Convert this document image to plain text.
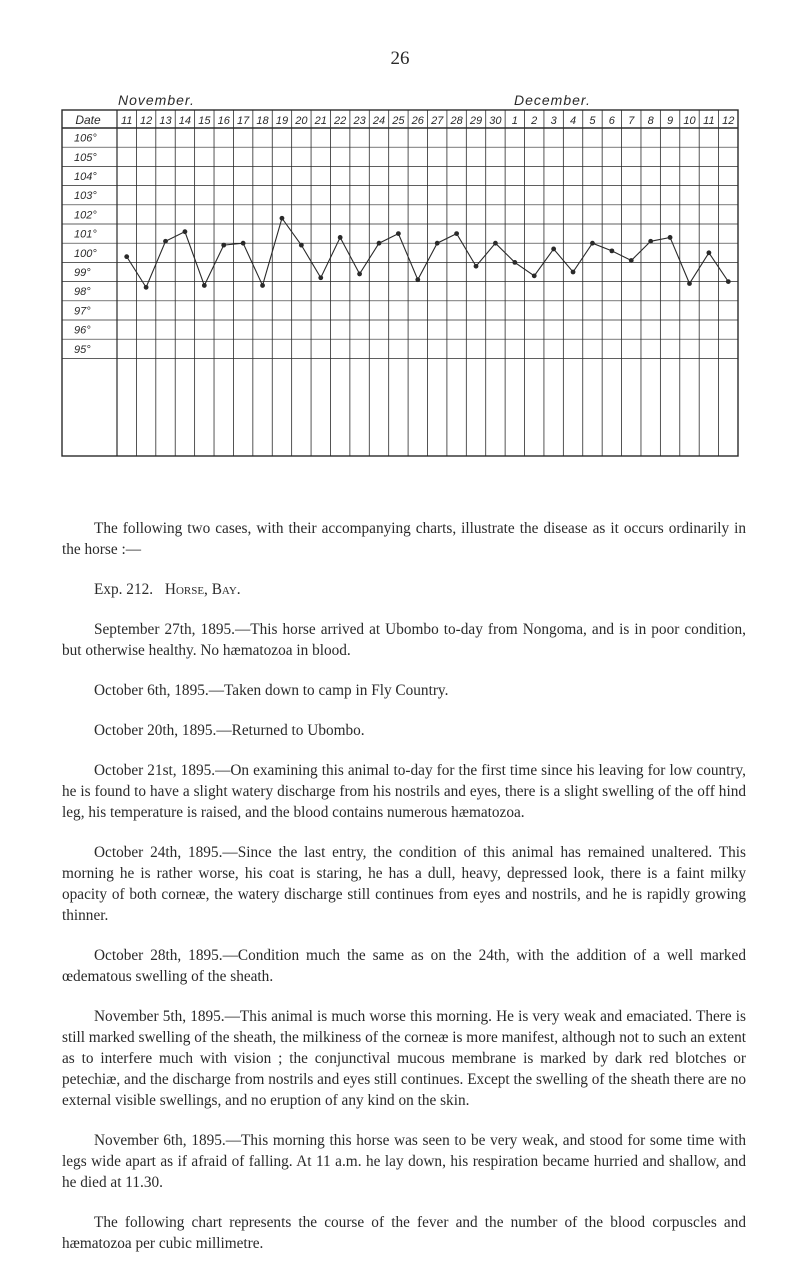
26
November.	December.
Date 11 12 13 14 15 16 17 18 19 20 21 22 23 24 25 26 27 28 29 30 1 2 3 4 5 6 7 8 9 10 11 12
106°
105°
104°
103°
102°
101°
100°
99°
98°
97°
96°
95°

The following two cases, with their accompanying charts, illustrate the disease as it occurs ordinarily in the horse :—

Exp. 212. Horse, Bay.

September 27th, 1895.—This horse arrived at Ubombo to-day from Nongoma, and is in poor condition, but otherwise healthy. No hæmatozoa in blood.

October 6th, 1895.—Taken down to camp in Fly Country.

October 20th, 1895.—Returned to Ubombo.

October 21st, 1895.—On examining this animal to-day for the first time since his leaving for low country, he is found to have a slight watery discharge from his nostrils and eyes, there is a slight swelling of the off hind leg, his temperature is raised, and the blood contains numerous hæmatozoa.

October 24th, 1895.—Since the last entry, the condition of this animal has remained unaltered. This morning he is rather worse, his coat is staring, he has a dull, heavy, depressed look, there is a faint milky opacity of both corneæ, the watery discharge still continues from eyes and nostrils, and he is rapidly growing thinner.

October 28th, 1895.—Condition much the same as on the 24th, with the addition of a well marked œdematous swelling of the sheath.

November 5th, 1895.—This animal is much worse this morning. He is very weak and emaciated. There is still marked swelling of the sheath, the milkiness of the corneæ is more manifest, although not to such an extent as to interfere much with vision ; the conjunctival mucous membrane is marked by dark red blotches or petechiæ, and the discharge from nostrils and eyes still continues. Except the swelling of the sheath there are no external visible swellings, and no eruption of any kind on the skin.

November 6th, 1895.—This morning this horse was seen to be very weak, and stood for some time with legs wide apart as if afraid of falling. At 11 a.m. he lay down, his respiration became hurried and shallow, and he died at 11.30.

The following chart represents the course of the fever and the number of the blood corpuscles and hæmatozoa per cubic millimetre.
